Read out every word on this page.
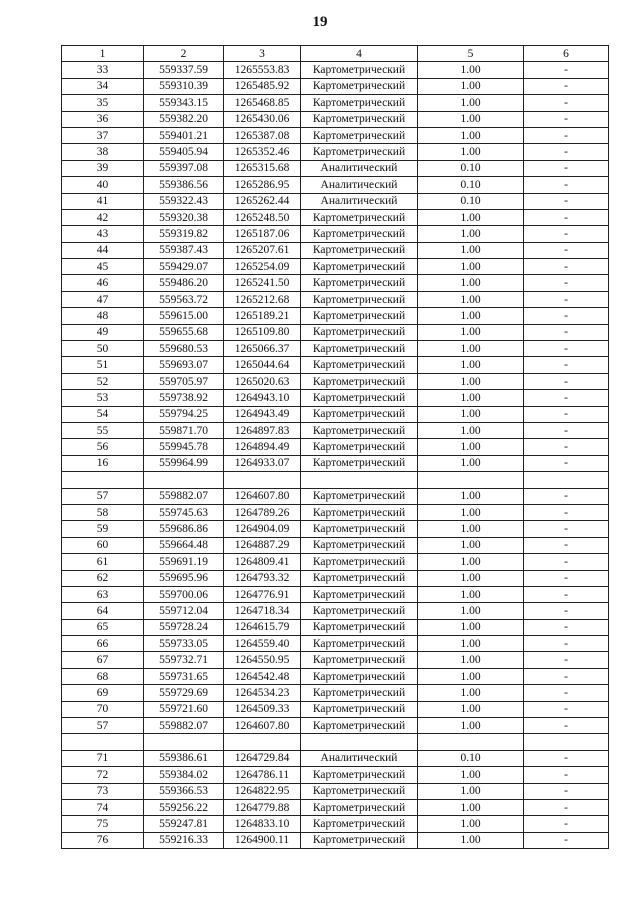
19
1	2	3	4	5	6
33	559337.59	1265553.83	Картометрический	1.00	-
34	559310.39	1265485.92	Картометрический	1.00	-
35	559343.15	1265468.85	Картометрический	1.00	-
36	559382.20	1265430.06	Картометрический	1.00	-
37	559401.21	1265387.08	Картометрический	1.00	-
38	559405.94	1265352.46	Картометрический	1.00	-
39	559397.08	1265315.68	Аналитический	0.10	-
40	559386.56	1265286.95	Аналитический	0.10	-
41	559322.43	1265262.44	Аналитический	0.10	-
42	559320.38	1265248.50	Картометрический	1.00	-
43	559319.82	1265187.06	Картометрический	1.00	-
44	559387.43	1265207.61	Картометрический	1.00	-
45	559429.07	1265254.09	Картометрический	1.00	-
46	559486.20	1265241.50	Картометрический	1.00	-
47	559563.72	1265212.68	Картометрический	1.00	-
48	559615.00	1265189.21	Картометрический	1.00	-
49	559655.68	1265109.80	Картометрический	1.00	-
50	559680.53	1265066.37	Картометрический	1.00	-
51	559693.07	1265044.64	Картометрический	1.00	-
52	559705.97	1265020.63	Картометрический	1.00	-
53	559738.92	1264943.10	Картометрический	1.00	-
54	559794.25	1264943.49	Картометрический	1.00	-
55	559871.70	1264897.83	Картометрический	1.00	-
56	559945.78	1264894.49	Картометрический	1.00	-
16	559964.99	1264933.07	Картометрический	1.00	-

57	559882.07	1264607.80	Картометрический	1.00	-
58	559745.63	1264789.26	Картометрический	1.00	-
59	559686.86	1264904.09	Картометрический	1.00	-
60	559664.48	1264887.29	Картометрический	1.00	-
61	559691.19	1264809.41	Картометрический	1.00	-
62	559695.96	1264793.32	Картометрический	1.00	-
63	559700.06	1264776.91	Картометрический	1.00	-
64	559712.04	1264718.34	Картометрический	1.00	-
65	559728.24	1264615.79	Картометрический	1.00	-
66	559733.05	1264559.40	Картометрический	1.00	-
67	559732.71	1264550.95	Картометрический	1.00	-
68	559731.65	1264542.48	Картометрический	1.00	-
69	559729.69	1264534.23	Картометрический	1.00	-
70	559721.60	1264509.33	Картометрический	1.00	-
57	559882.07	1264607.80	Картометрический	1.00	-

71	559386.61	1264729.84	Аналитический	0.10	-
72	559384.02	1264786.11	Картометрический	1.00	-
73	559366.53	1264822.95	Картометрический	1.00	-
74	559256.22	1264779.88	Картометрический	1.00	-
75	559247.81	1264833.10	Картометрический	1.00	-
76	559216.33	1264900.11	Картометрический	1.00	-
